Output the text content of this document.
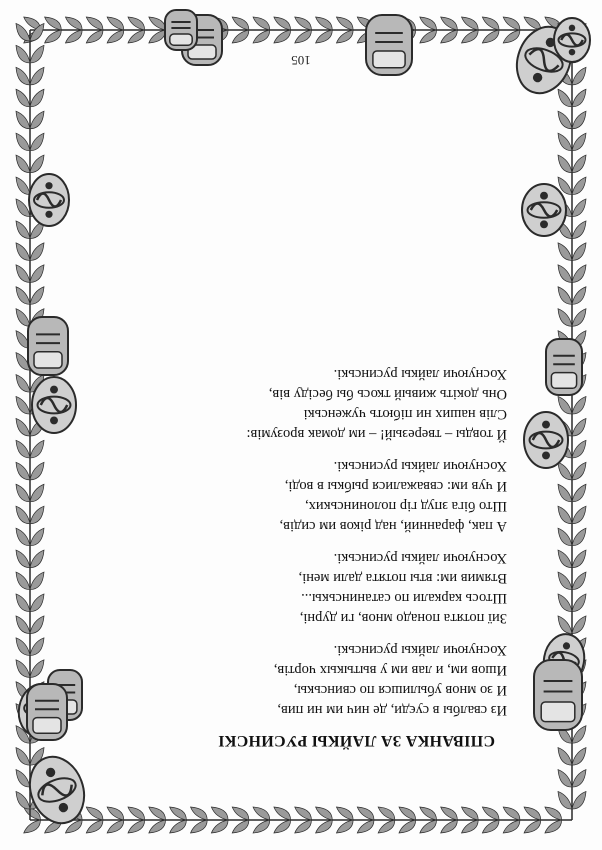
СПІВАНКА ЗА ЛАЙКЫ РУСИНСКІ
Из свалбы в суєди, де нич им ни пив,
И зо мнов убылишся по свинськы,
Ишов им, и лав им у вытыкых чортів,
Хоснуючи лайкы русинські.
Зиї потята понадо мнов, ги дурні,
Штось каркали по сатанинськы...
Втямив им: вты потята дали мені,
Хоснуючи лайкы русинські.
А пак, фаранний, над ріков им сидів,
Што біга зпуд гір полонинських,
И чув им: свважалися рыбкы в воді,
Хоснуючи лайкы русинські.
Й товды – тверезый! – им домак врозумів:
Слів наших ни пібють чуженські
Онь докіть живый ткось бы бесіду вів,
Хоснуючи лайкы русинські.
105
